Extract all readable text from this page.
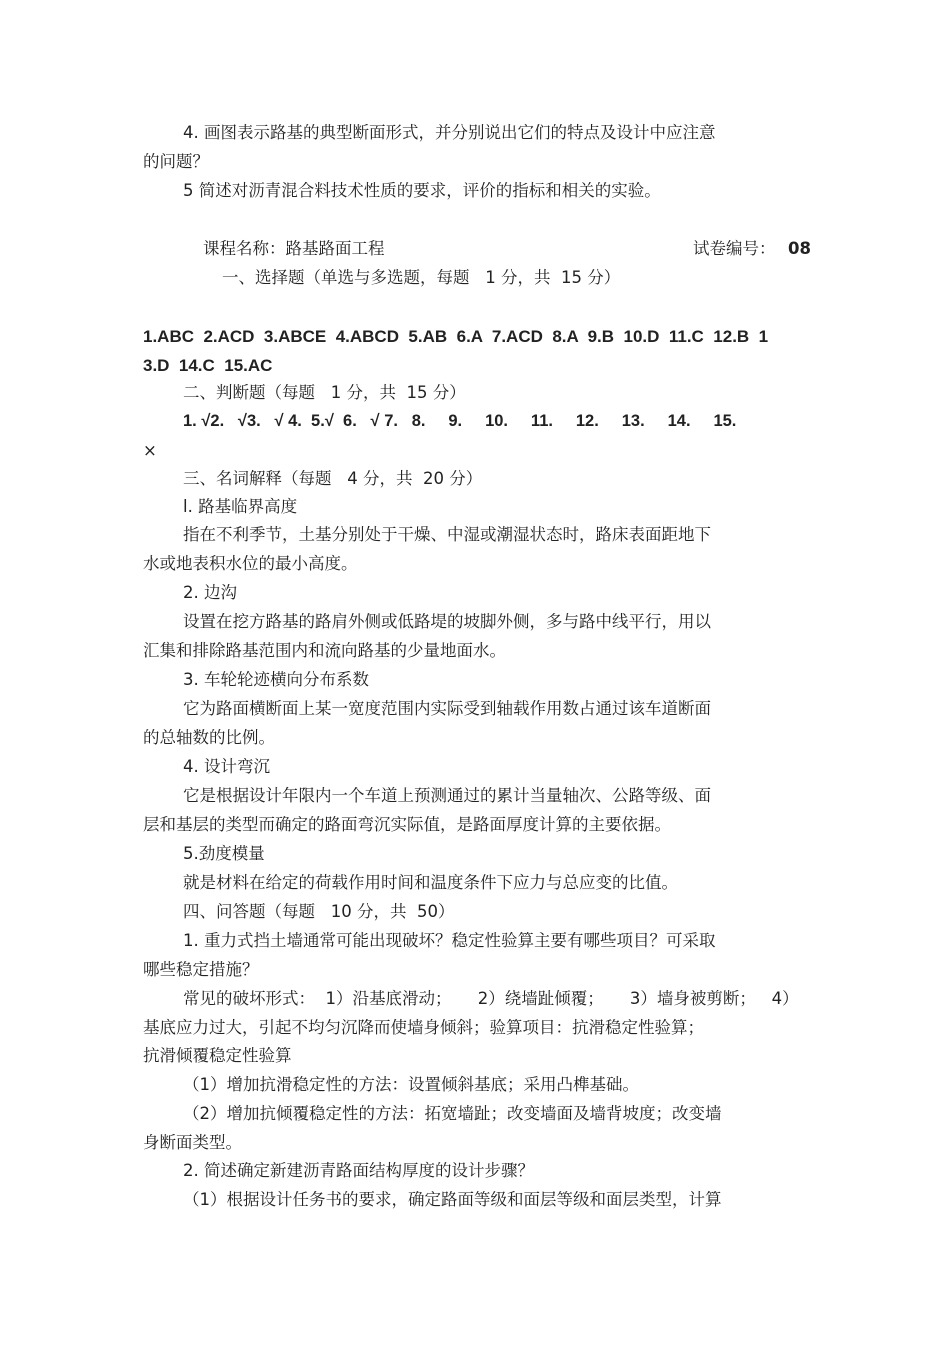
4. 画图表示路基的典型断面形式，并分别说出它们的特点及设计中应注意
的问题？
5 简述对沥青混合料技术性质的要求，评价的指标和相关的实验。
课程名称：路基路面工程	试卷编号： 08
一、选择题（单选与多选题，每题   1 分，共  15 分）
1.ABC  2.ACD  3.ABCE  4.ABCD  5.AB  6.A  7.ACD  8.A  9.B  10.D  11.C  12.B  1
3.D  14.C  15.AC
二、判断题（每题   1 分，共  15 分）
1. √2.   √3.   √ 4.  5.√  6.   √ 7.   8.     9.     10.     11.     12.     13.     14.     15.
×
三、名词解释（每题   4 分，共  20 分）
l. 路基临界高度
指在不利季节，土基分别处于干燥、中湿或潮湿状态时，路床表面距地下
水或地表积水位的最小高度。
2. 边沟
设置在挖方路基的路肩外侧或低路堤的坡脚外侧，多与路中线平行，用以
汇集和排除路基范围内和流向路基的少量地面水。
3. 车轮轮迹横向分布系数
它为路面横断面上某一宽度范围内实际受到轴载作用数占通过该车道断面
的总轴数的比例。
4. 设计弯沉
它是根据设计年限内一个车道上预测通过的累计当量轴次、公路等级、面
层和基层的类型而确定的路面弯沉实际值，是路面厚度计算的主要依据。
5.劲度模量
就是材料在给定的荷载作用时间和温度条件下应力与总应变的比值。
四、问答题（每题   10 分，共  50）
1. 重力式挡土墙通常可能出现破坏？稳定性验算主要有哪些项目？可采取
哪些稳定措施？
常见的破坏形式：  1）沿基底滑动；     2）绕墙趾倾覆；     3）墙身被剪断；   4）
基底应力过大，引起不均匀沉降而使墙身倾斜；验算项目：抗滑稳定性验算；
抗滑倾覆稳定性验算
（1）增加抗滑稳定性的方法：设置倾斜基底；采用凸榫基础。
（2）增加抗倾覆稳定性的方法：拓宽墙趾；改变墙面及墙背坡度；改变墙
身断面类型。
2. 简述确定新建沥青路面结构厚度的设计步骤？
（1）根据设计任务书的要求，确定路面等级和面层等级和面层类型，计算
